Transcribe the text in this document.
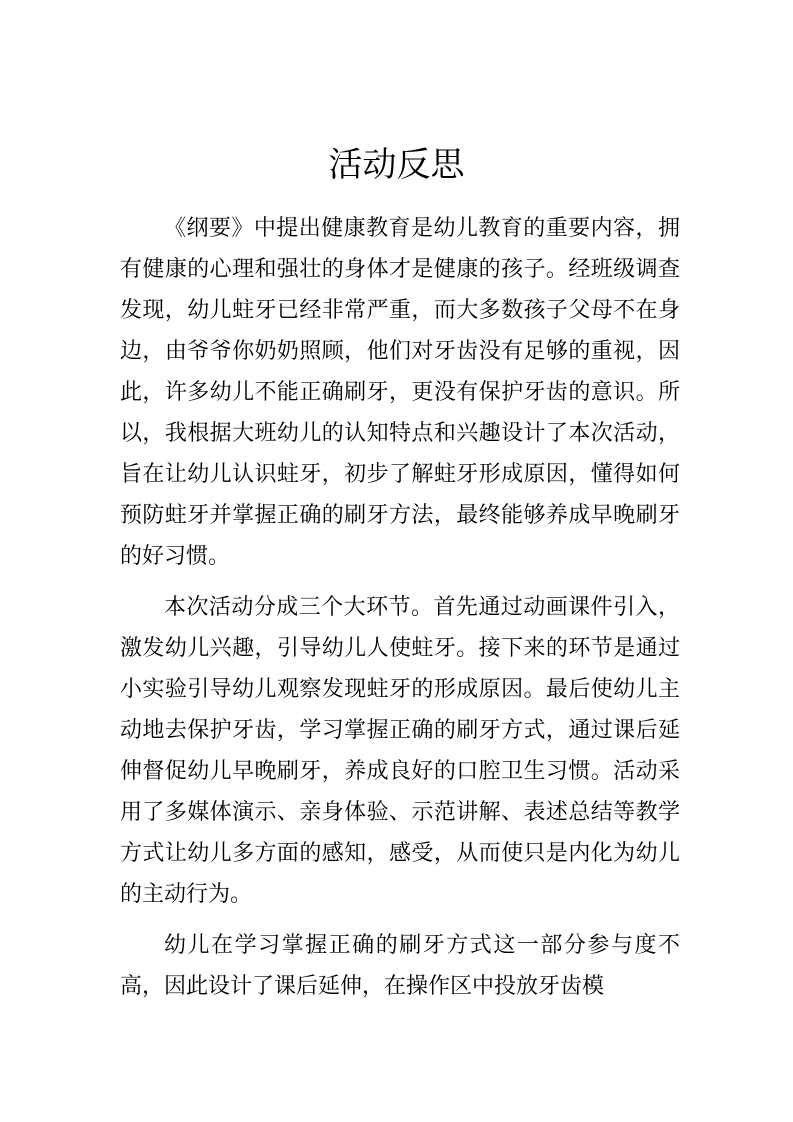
活动反思

《纲要》中提出健康教育是幼儿教育的重要内容，拥有健康的心理和强壮的身体才是健康的孩子。经班级调查发现，幼儿蛀牙已经非常严重，而大多数孩子父母不在身边，由爷爷你奶奶照顾，他们对牙齿没有足够的重视，因此，许多幼儿不能正确刷牙，更没有保护牙齿的意识。所以，我根据大班幼儿的认知特点和兴趣设计了本次活动，旨在让幼儿认识蛀牙，初步了解蛀牙形成原因，懂得如何预防蛀牙并掌握正确的刷牙方法，最终能够养成早晚刷牙的好习惯。

本次活动分成三个大环节。首先通过动画课件引入，激发幼儿兴趣，引导幼儿人使蛀牙。接下来的环节是通过小实验引导幼儿观察发现蛀牙的形成原因。最后使幼儿主动地去保护牙齿，学习掌握正确的刷牙方式，通过课后延伸督促幼儿早晚刷牙，养成良好的口腔卫生习惯。活动采用了多媒体演示、亲身体验、示范讲解、表述总结等教学方式让幼儿多方面的感知，感受，从而使只是内化为幼儿的主动行为。

幼儿在学习掌握正确的刷牙方式这一部分参与度不高，因此设计了课后延伸，在操作区中投放牙齿模
